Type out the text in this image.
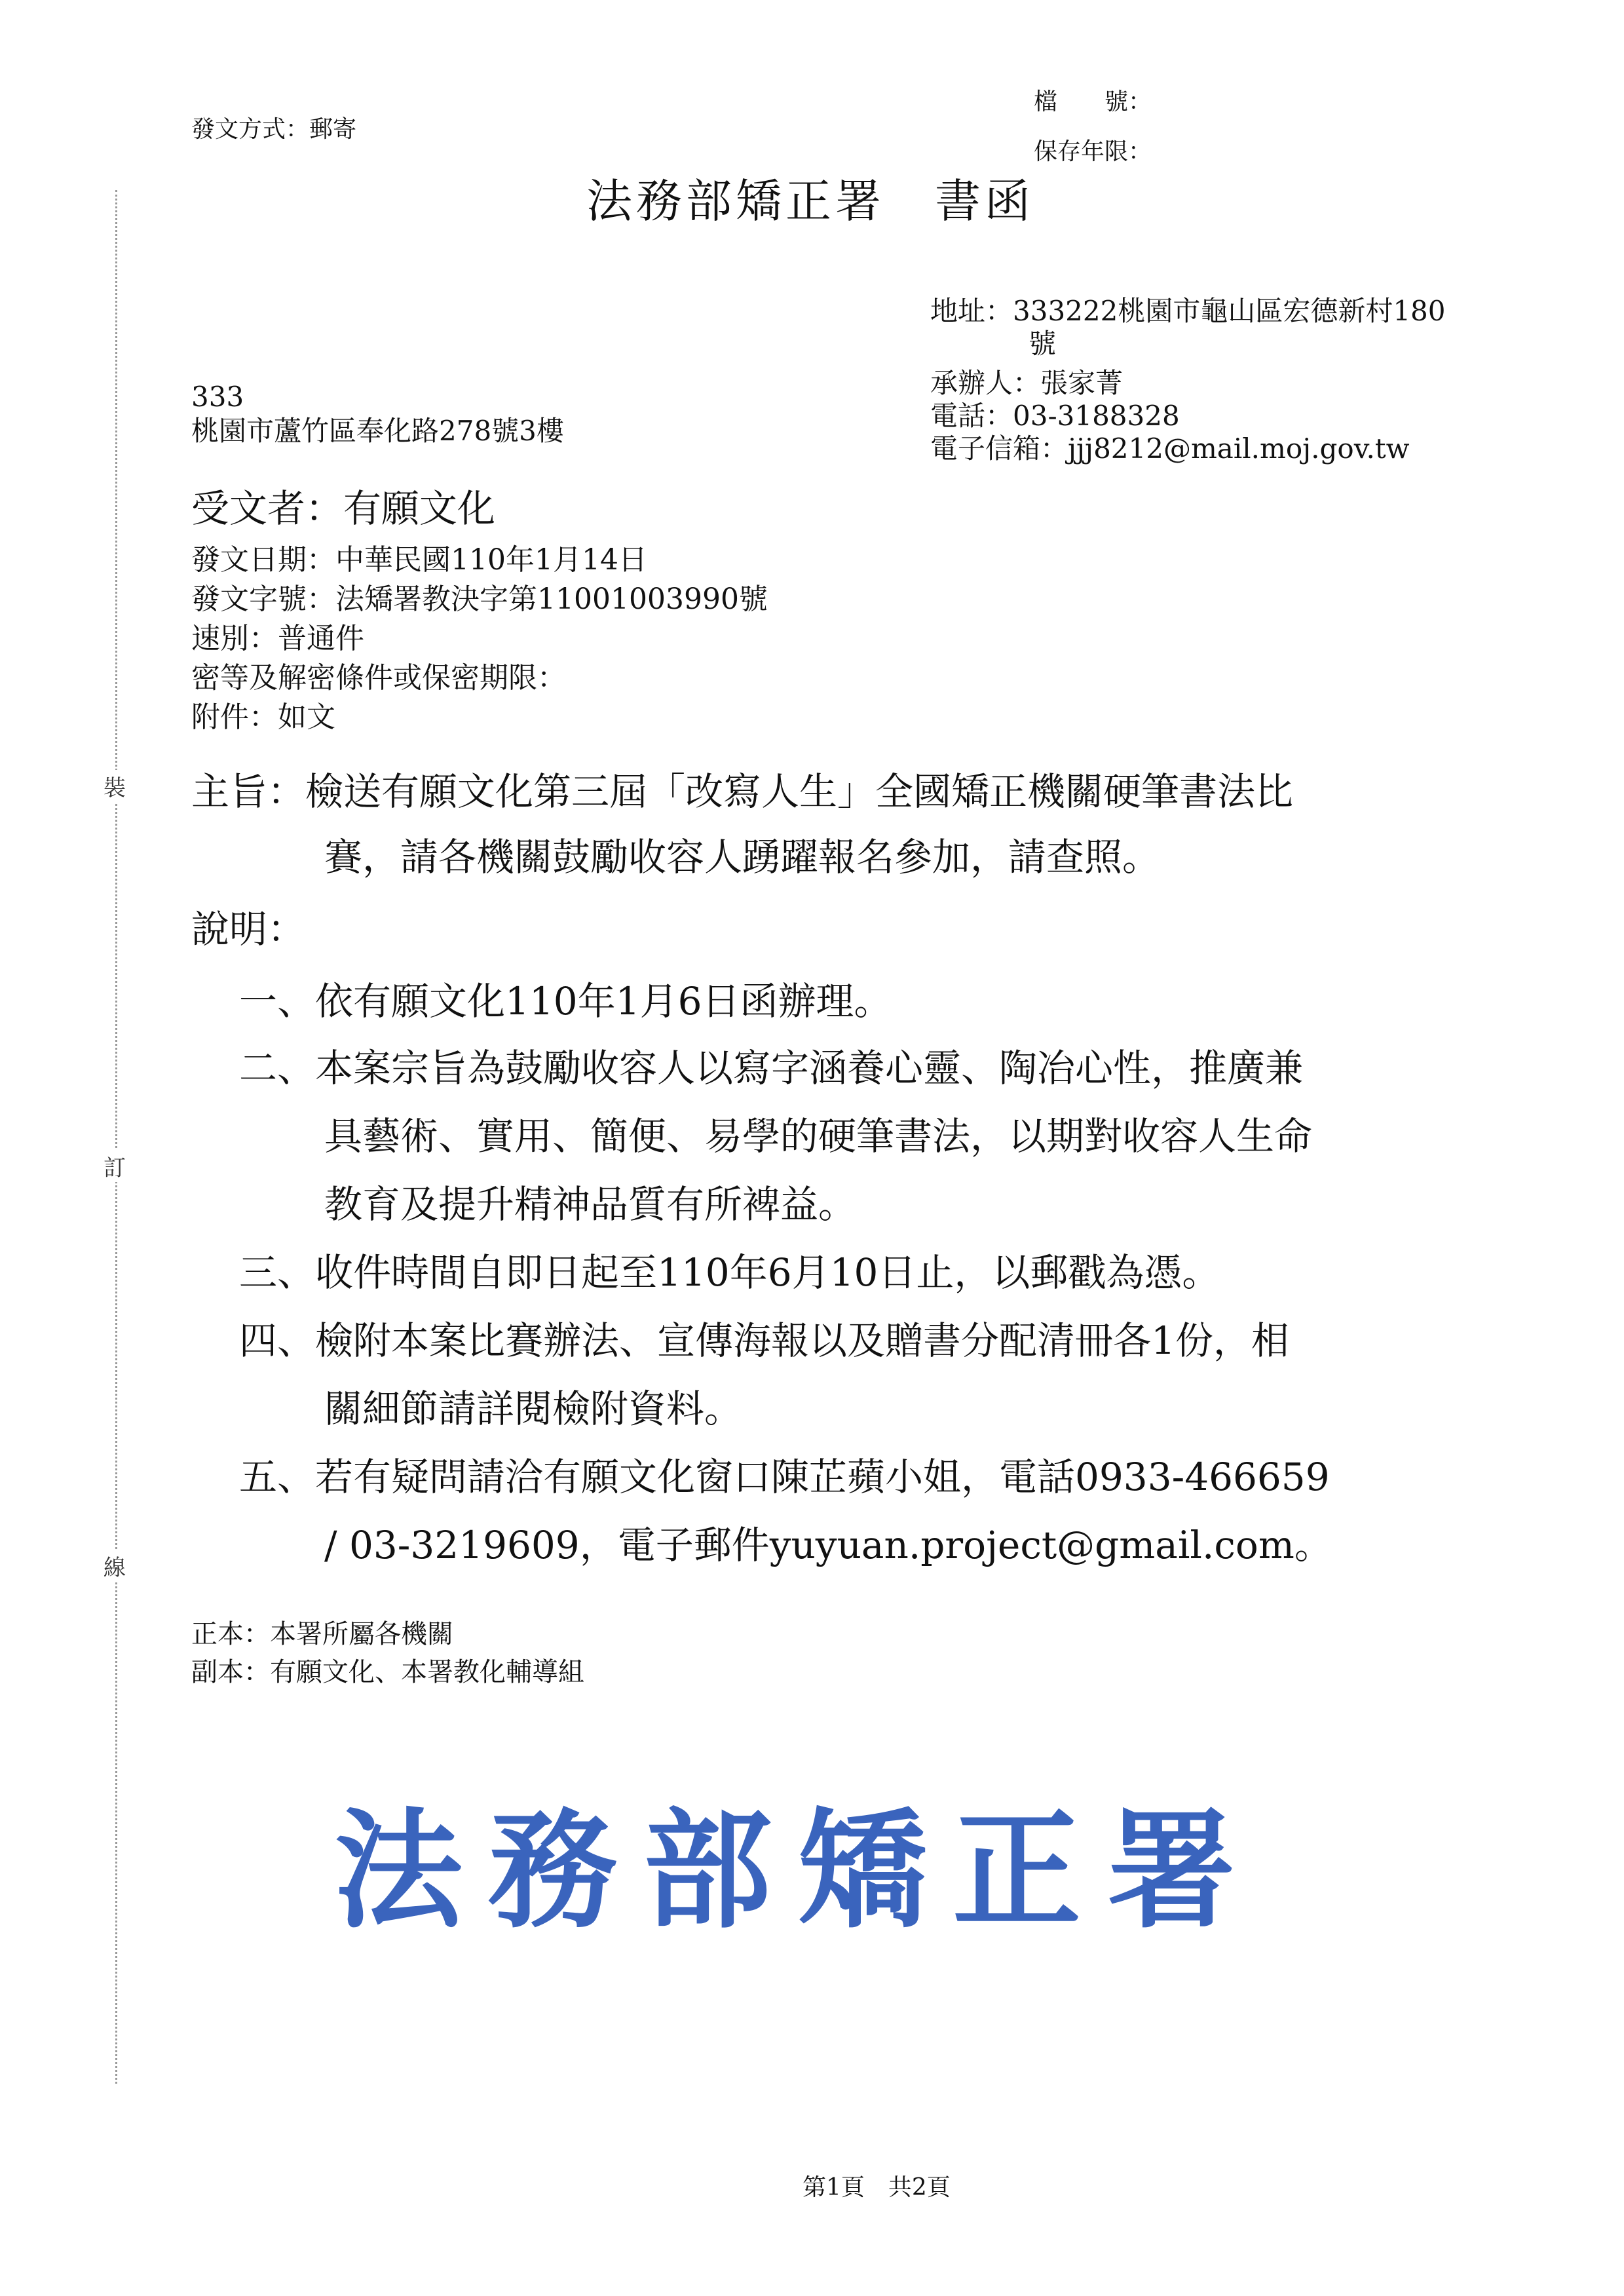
裝
訂
線
發文方式：郵寄
檔　　號：
保存年限：
法務部矯正署　書函
地址：333222桃園市龜山區宏德新村180
號
承辦人：張家菁
電話：03-3188328
電子信箱：jjj8212@mail.moj.gov.tw
333
桃園市蘆竹區奉化路278號3樓
受文者：有願文化
發文日期：中華民國110年1月14日
發文字號：法矯署教決字第11001003990號
速別：普通件
密等及解密條件或保密期限：
附件：如文
主旨：檢送有願文化第三屆「改寫人生」全國矯正機關硬筆書法比
賽，請各機關鼓勵收容人踴躍報名參加，請查照。
說明：
一、依有願文化110年1月6日函辦理。
二、本案宗旨為鼓勵收容人以寫字涵養心靈、陶冶心性，推廣兼
具藝術、實用、簡便、易學的硬筆書法，以期對收容人生命
教育及提升精神品質有所裨益。
三、收件時間自即日起至110年6月10日止，以郵戳為憑。
四、檢附本案比賽辦法、宣傳海報以及贈書分配清冊各1份，相
關細節請詳閱檢附資料。
五、若有疑問請洽有願文化窗口陳芷蘋小姐，電話0933-466659
/ 03-3219609，電子郵件yuyuan.project@gmail.com。
正本：本署所屬各機關
副本：有願文化、本署教化輔導組
法務部矯正署
第1頁　共2頁
